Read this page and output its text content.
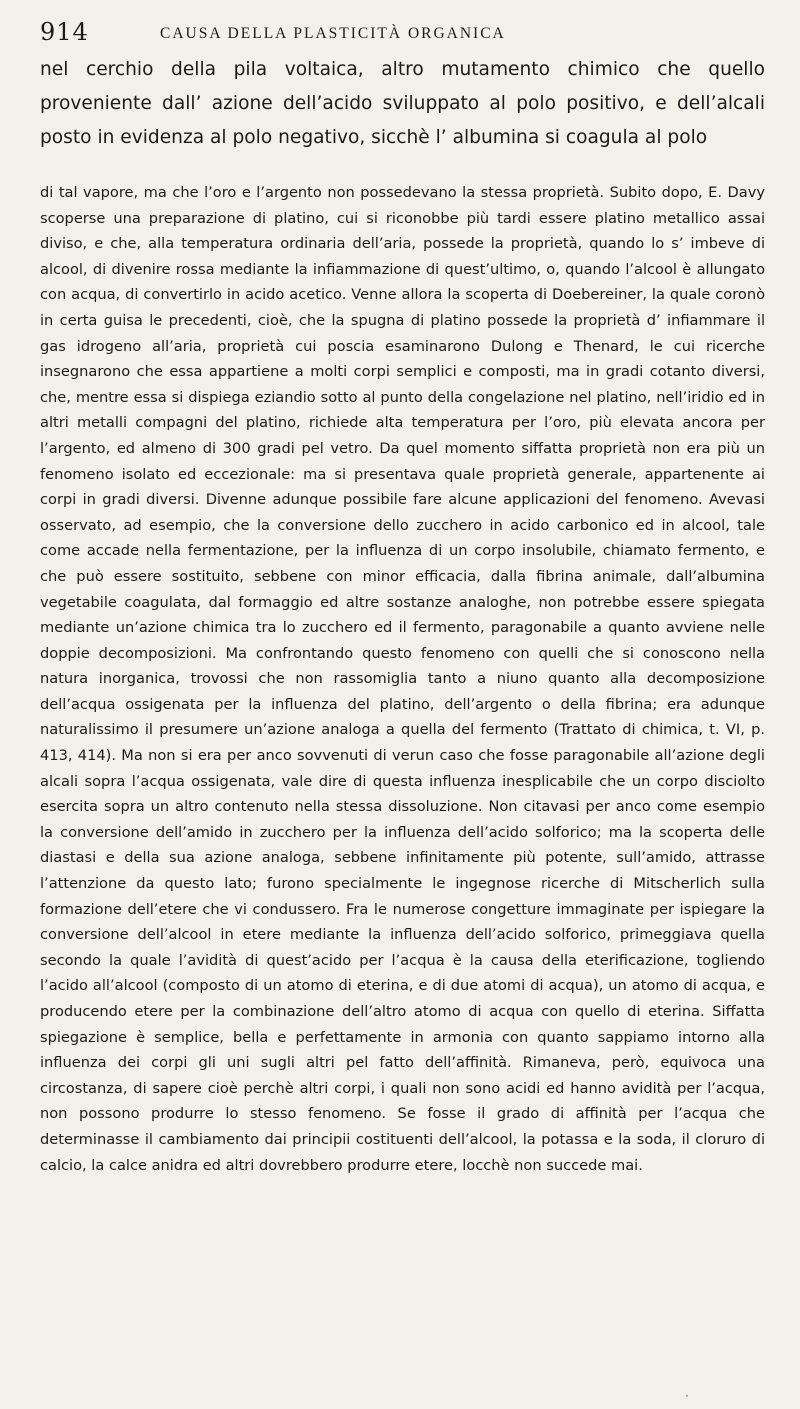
914	CAUSA DELLA PLASTICITÀ ORGANICA

nel cerchio della pila voltaica, altro mutamento chimico che quello proveniente dall’ azione dell’acido sviluppato al polo positivo, e dell’alcali posto in evidenza al polo negativo, sicchè l’ albumina si coagula al polo

di tal vapore, ma che l’oro e l’argento non possedevano la stessa proprietà. Subito dopo, E. Davy scoperse una preparazione di platino, cui si riconobbe più tardi essere platino metallico assai diviso, e che, alla temperatura ordinaria dell’aria, possede la proprietà, quando lo s’ imbeve di alcool, di divenire rossa mediante la infiammazione di quest’ultimo, o, quando l’alcool è allungato con acqua, di convertirlo in acido acetico. Venne allora la scoperta di Doebereiner, la quale coronò in certa guisa le precedenti, cioè, che la spugna di platino possede la proprietà d’ infiammare il gas idrogeno all’aria, proprietà cui poscia esaminarono Dulong e Thenard, le cui ricerche insegnarono che essa appartiene a molti corpi semplici e composti, ma in gradi cotanto diversi, che, mentre essa si dispiega eziandio sotto al punto della congelazione nel platino, nell’iridio ed in altri metalli compagni del platino, richiede alta temperatura per l’oro, più elevata ancora per l’argento, ed almeno di 300 gradi pel vetro. Da quel momento siffatta proprietà non era più un fenomeno isolato ed eccezionale: ma si presentava quale proprietà generale, appartenente ai corpi in gradi diversi. Divenne adunque possibile fare alcune applicazioni del fenomeno. Avevasi osservato, ad esempio, che la conversione dello zucchero in acido carbonico ed in alcool, tale come accade nella fermentazione, per la influenza di un corpo insolubile, chiamato fermento, e che può essere sostituito, sebbene con minor efficacia, dalla fibrina animale, dall’albumina vegetabile coagulata, dal formaggio ed altre sostanze analoghe, non potrebbe essere spiegata mediante un’azione chimica tra lo zucchero ed il fermento, paragonabile a quanto avviene nelle doppie decomposizioni. Ma confrontando questo fenomeno con quelli che si conoscono nella natura inorganica, trovossi che non rassomiglia tanto a niuno quanto alla decomposizione dell’acqua ossigenata per la influenza del platino, dell’argento o della fibrina; era adunque naturalissimo il presumere un’azione analoga a quella del fermento (Trattato di chimica, t. VI, p. 413, 414). Ma non si era per anco sovvenuti di verun caso che fosse paragonabile all’azione degli alcali sopra l’acqua ossigenata, vale dire di questa influenza inesplicabile che un corpo disciolto esercita sopra un altro contenuto nella stessa dissoluzione. Non citavasi per anco come esempio la conversione dell’amido in zucchero per la influenza dell’acido solforico; ma la scoperta delle diastasi e della sua azione analoga, sebbene infinitamente più potente, sull’amido, attrasse l’attenzione da questo lato; furono specialmente le ingegnose ricerche di Mitscherlich sulla formazione dell’etere che vi condussero. Fra le numerose congetture immaginate per ispiegare la conversione dell’alcool in etere mediante la influenza dell’acido solforico, primeggiava quella secondo la quale l’avidità di quest’acido per l’acqua è la causa della eterificazione, togliendo l’acido all’alcool (composto di un atomo di eterina, e di due atomi di acqua), un atomo di acqua, e producendo etere per la combinazione dell’altro atomo di acqua con quello di eterina. Siffatta spiegazione è semplice, bella e perfettamente in armonia con quanto sappiamo intorno alla influenza dei corpi gli uni sugli altri pel fatto dell’affinità. Rimaneva, però, equivoca una circostanza, di sapere cioè perchè altri corpi, i quali non sono acidi ed hanno avidità per l’acqua, non possono produrre lo stesso fenomeno. Se fosse il grado di affinità per l’acqua che determinasse il cambiamento dai principii costituenti dell’alcool, la potassa e la soda, il cloruro di calcio, la calce anidra ed altri dovrebbero produrre etere, locchè non succede mai.

⸼
